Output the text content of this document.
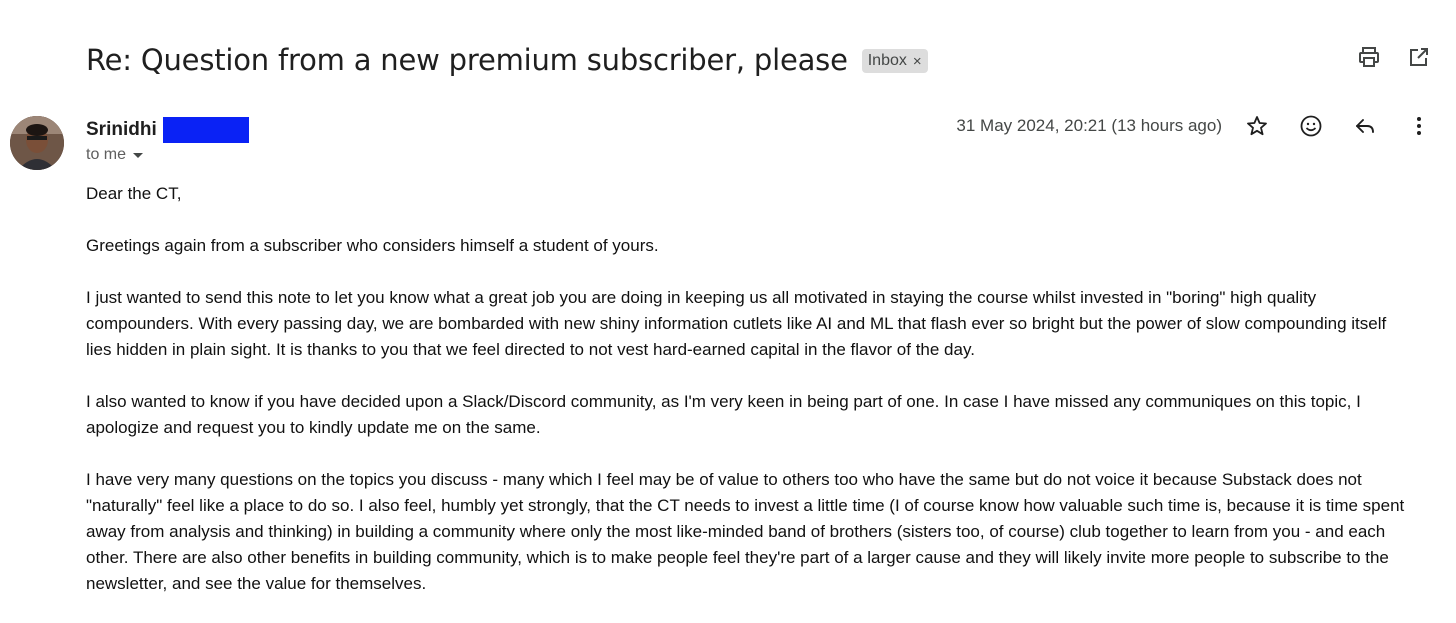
Re: Question from a new premium subscriber, please Inbox ×
Srinidhi
to me
31 May 2024, 20:21 (13 hours ago)

Dear the CT,

Greetings again from a subscriber who considers himself a student of yours.

I just wanted to send this note to let you know what a great job you are doing in keeping us all motivated in staying the course whilst invested in "boring" high quality compounders. With every passing day, we are bombarded with new shiny information cutlets like AI and ML that flash ever so bright but the power of slow compounding itself lies hidden in plain sight. It is thanks to you that we feel directed to not vest hard-earned capital in the flavor of the day.

I also wanted to know if you have decided upon a Slack/Discord community, as I'm very keen in being part of one. In case I have missed any communiques on this topic, I apologize and request you to kindly update me on the same.

I have very many questions on the topics you discuss - many which I feel may be of value to others too who have the same but do not voice it because Substack does not "naturally" feel like a place to do so. I also feel, humbly yet strongly, that the CT needs to invest a little time (I of course know how valuable such time is, because it is time spent away from analysis and thinking) in building a community where only the most like-minded band of brothers (sisters too, of course) club together to learn from you - and each other. There are also other benefits in building community, which is to make people feel they're part of a larger cause and they will likely invite more people to subscribe to the newsletter, and see the value for themselves.
